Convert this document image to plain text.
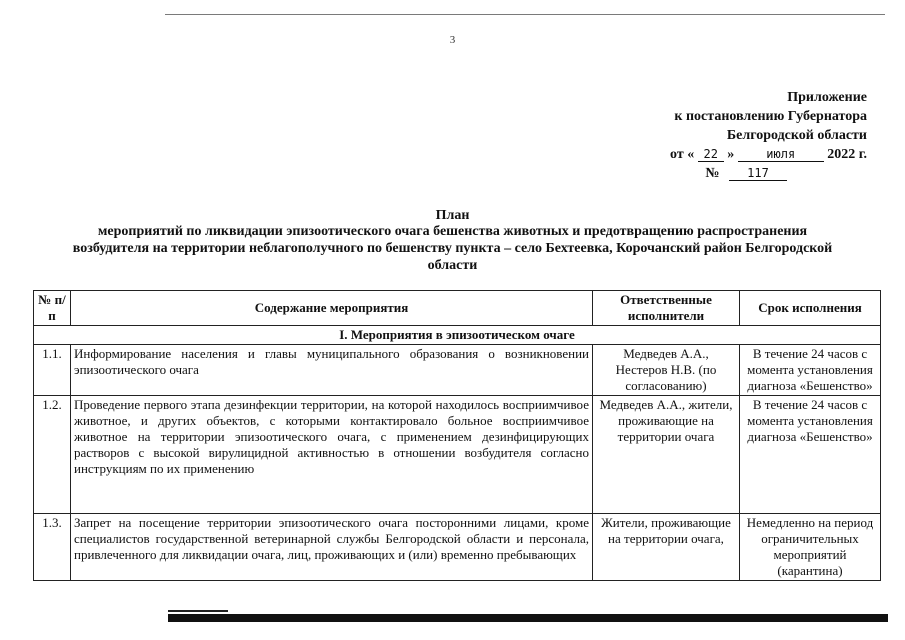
3
Приложение
к постановлению Губернатора
Белгородской области
от « 22 »	июля 2022 г.
№ 117
План
мероприятий по ликвидации эпизоотического очага бешенства животных и предотвращению распространения возбудителя на территории неблагополучного по бешенству пункта – село Бехтеевка, Корочанский район Белгородской области
№ п/п	Содержание мероприятия	Ответственные исполнители	Срок исполнения
I. Мероприятия в эпизоотическом очаге			
1.1.	Информирование населения и главы муниципального образования о возникновении эпизоотического очага	Медведев А.А., Нестеров Н.В. (по согласованию)	В течение 24 часов с момента установления диагноза «Бешенство»
1.2.	Проведение первого этапа дезинфекции территории, на которой находилось восприимчивое животное, и других объектов, с которыми контактировало больное восприимчивое животное на территории эпизоотического очага, с применением дезинфицирующих растворов с высокой вирулицидной активностью в отношении возбудителя согласно инструкциям по их применению	Медведев А.А., жители, проживающие на территории очага	В течение 24 часов с момента установления диагноза «Бешенство»
1.3.	Запрет на посещение территории эпизоотического очага посторонними лицами, кроме специалистов государственной ветеринарной службы Белгородской области и персонала, привлеченного для ликвидации очага, лиц, проживающих и (или) временно пребывающих	Жители, проживающие на территории очага,	Немедленно на период ограничительных мероприятий (карантина)
